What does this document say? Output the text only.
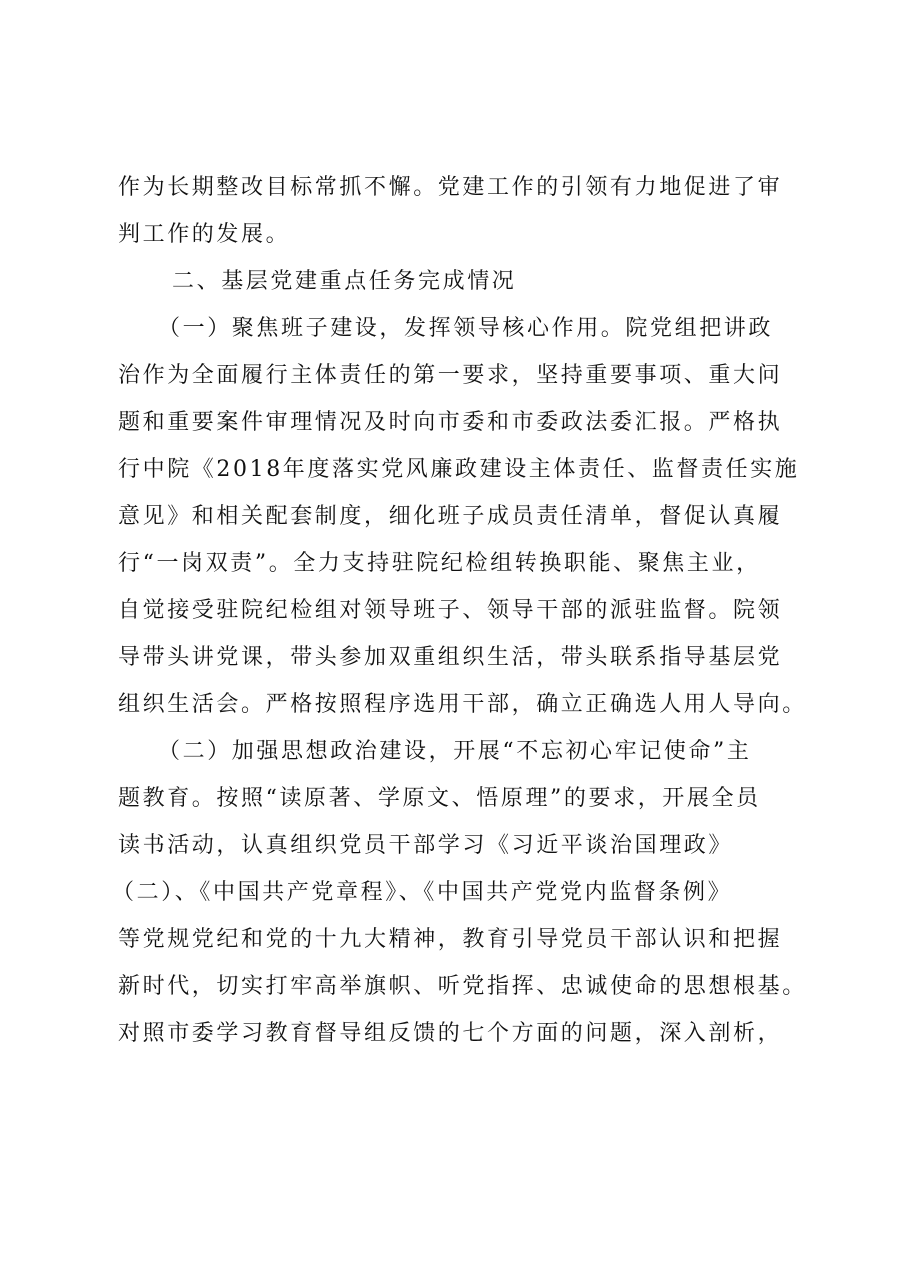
作为长期整改目标常抓不懈。党建工作的引领有力地促进了审
判工作的发展。
二、基层党建重点任务完成情况
（一）聚焦班子建设，发挥领导核心作用。院党组把讲政
治作为全面履行主体责任的第一要求，坚持重要事项、重大问
题和重要案件审理情况及时向市委和市委政法委汇报。严格执
行中院《2018年度落实党风廉政建设主体责任、监督责任实施
意见》和相关配套制度，细化班子成员责任清单，督促认真履
行“一岗双责”。全力支持驻院纪检组转换职能、聚焦主业，
自觉接受驻院纪检组对领导班子、领导干部的派驻监督。院领
导带头讲党课，带头参加双重组织生活，带头联系指导基层党
组织生活会。严格按照程序选用干部，确立正确选人用人导向。
（二）加强思想政治建设，开展“不忘初心牢记使命”主
题教育。按照“读原著、学原文、悟原理”的要求，开展全员
读书活动，认真组织党员干部学习《习近平谈治国理政》
（二）、《中国共产党章程》、《中国共产党党内监督条例》
等党规党纪和党的十九大精神，教育引导党员干部认识和把握
新时代，切实打牢高举旗帜、听党指挥、忠诚使命的思想根基。
对照市委学习教育督导组反馈的七个方面的问题，深入剖析，
